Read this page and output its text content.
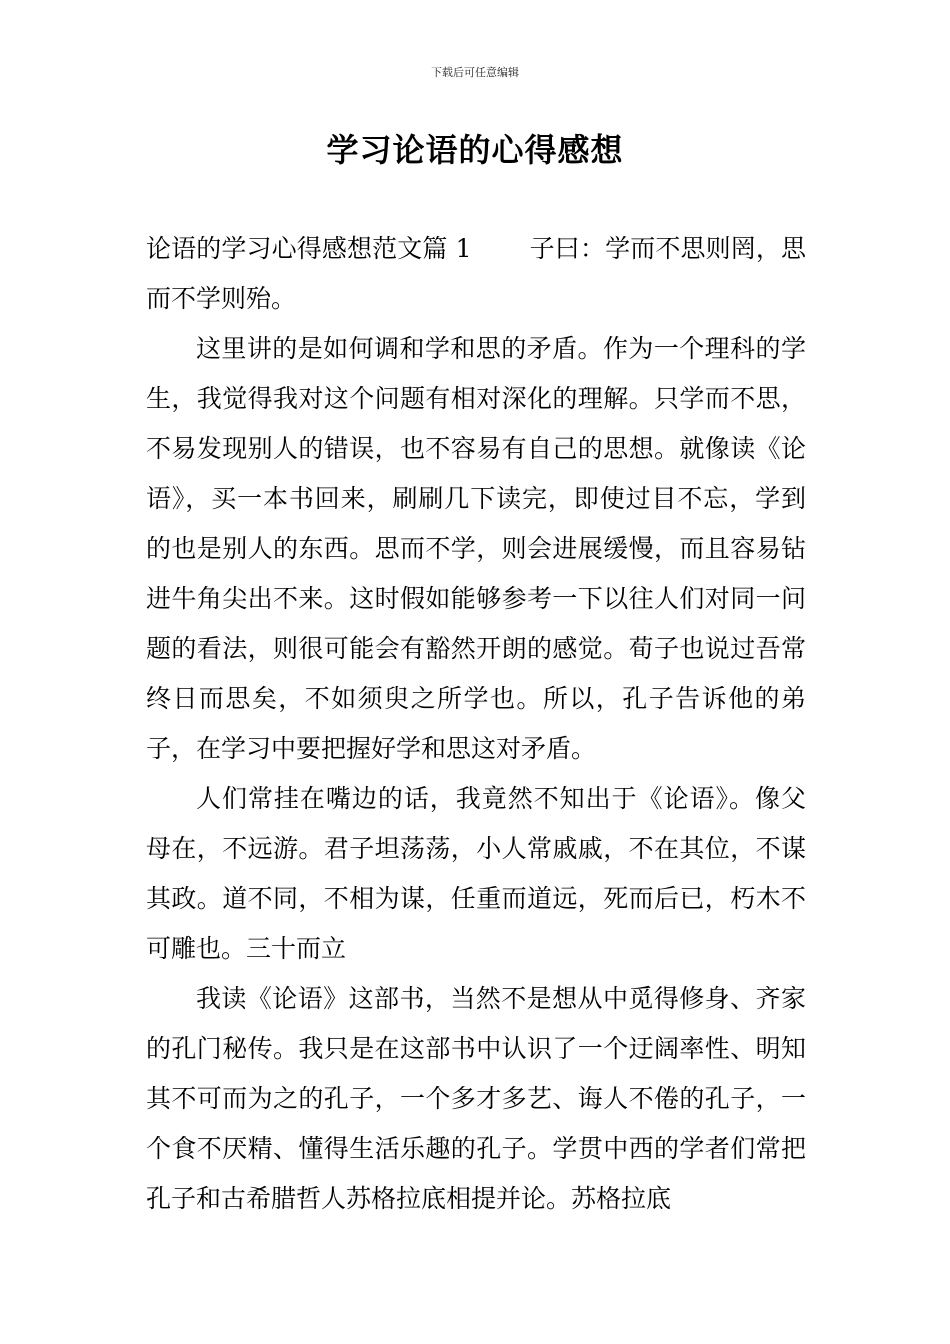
下载后可任意编辑
学习论语的心得感想

论语的学习心得感想范文篇 1 子曰：学而不思则罔，思而不学则殆。

这里讲的是如何调和学和思的矛盾。作为一个理科的学生，我觉得我对这个问题有相对深化的理解。只学而不思，不易发现别人的错误，也不容易有自己的思想。就像读《论语》，买一本书回来，刷刷几下读完，即使过目不忘，学到的也是别人的东西。思而不学，则会进展缓慢，而且容易钻进牛角尖出不来。这时假如能够参考一下以往人们对同一问题的看法，则很可能会有豁然开朗的感觉。荀子也说过吾常终日而思矣，不如须臾之所学也。所以，孔子告诉他的弟子，在学习中要把握好学和思这对矛盾。

人们常挂在嘴边的话，我竟然不知出于《论语》。像父母在，不远游。君子坦荡荡，小人常戚戚，不在其位，不谋其政。道不同，不相为谋，任重而道远，死而后已，朽木不可雕也。三十而立

我读《论语》这部书，当然不是想从中觅得修身、齐家的孔门秘传。我只是在这部书中认识了一个迂阔率性、明知其不可而为之的孔子，一个多才多艺、诲人不倦的孔子，一个食不厌精、懂得生活乐趣的孔子。学贯中西的学者们常把孔子和古希腊哲人苏格拉底相提并论。苏格拉底
